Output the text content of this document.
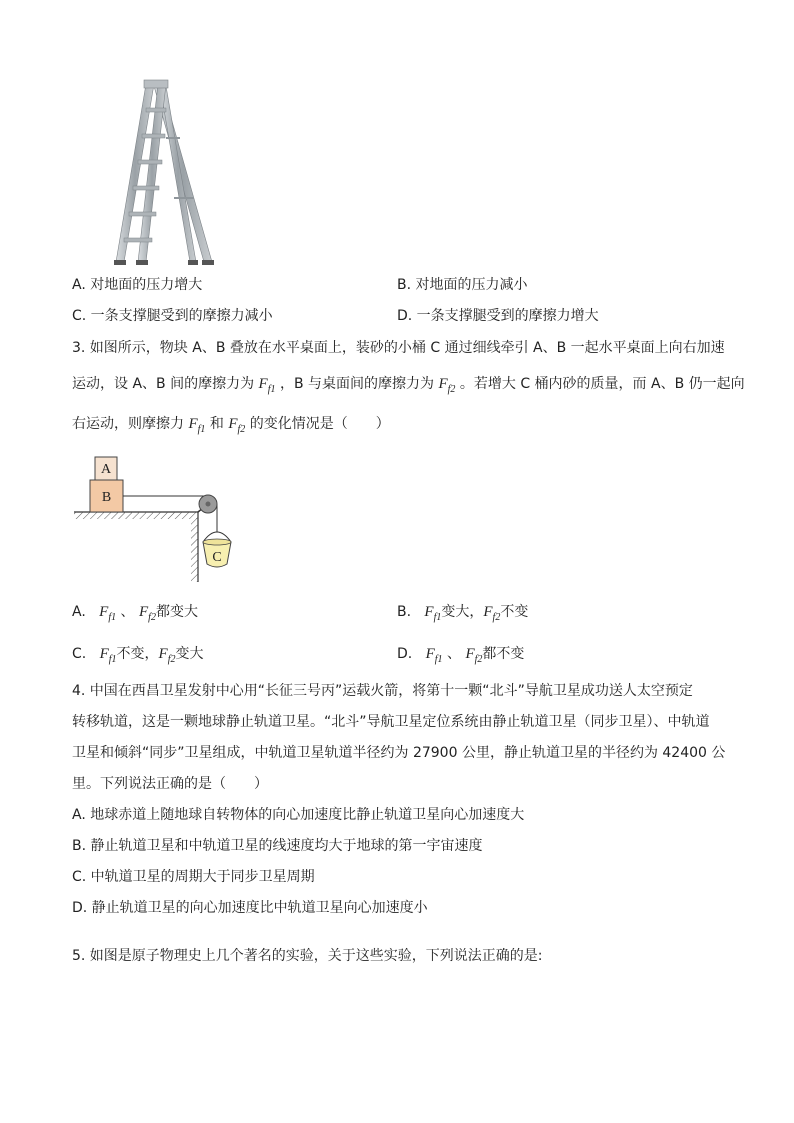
A. 对地面的压力增大	B. 对地面的压力减小
C. 一条支撑腿受到的摩擦力减小	D. 一条支撑腿受到的摩擦力增大
3. 如图所示，物块 A、B 叠放在水平桌面上，装砂的小桶 C 通过细线牵引 A、B 一起水平桌面上向右加速
运动，设 A、B 间的摩擦力为 $F_{f1}$ ，B 与桌面间的摩擦力为 $F_{f2}$ 。若增大 C 桶内砂的质量，而 A、B 仍一起向
右运动，则摩擦力 $F_{f1}$ 和 $F_{f2}$ 的变化情况是（　　）
B
A
C
A. $F_{f1}$ 、 $F_{f2}$都变大	B. $F_{f1}$变大，$F_{f2}$不变
C. $F_{f1}$不变，$F_{f2}$变大	D. $F_{f1}$ 、 $F_{f2}$都不变
4. 中国在西昌卫星发射中心用“长征三号丙”运载火箭，将第十一颗“北斗”导航卫星成功送人太空预定
转移轨道，这是一颗地球静止轨道卫星。“北斗”导航卫星定位系统由静止轨道卫星（同步卫星）、中轨道
卫星和倾斜“同步”卫星组成，中轨道卫星轨道半径约为 27900 公里，静止轨道卫星的半径约为 42400 公
里。下列说法正确的是（　　）
A. 地球赤道上随地球自转物体的向心加速度比静止轨道卫星向心加速度大
B. 静止轨道卫星和中轨道卫星的线速度均大于地球的第一宇宙速度
C. 中轨道卫星的周期大于同步卫星周期
D. 静止轨道卫星的向心加速度比中轨道卫星向心加速度小
5. 如图是原子物理史上几个著名的实验，关于这些实验，下列说法正确的是:
